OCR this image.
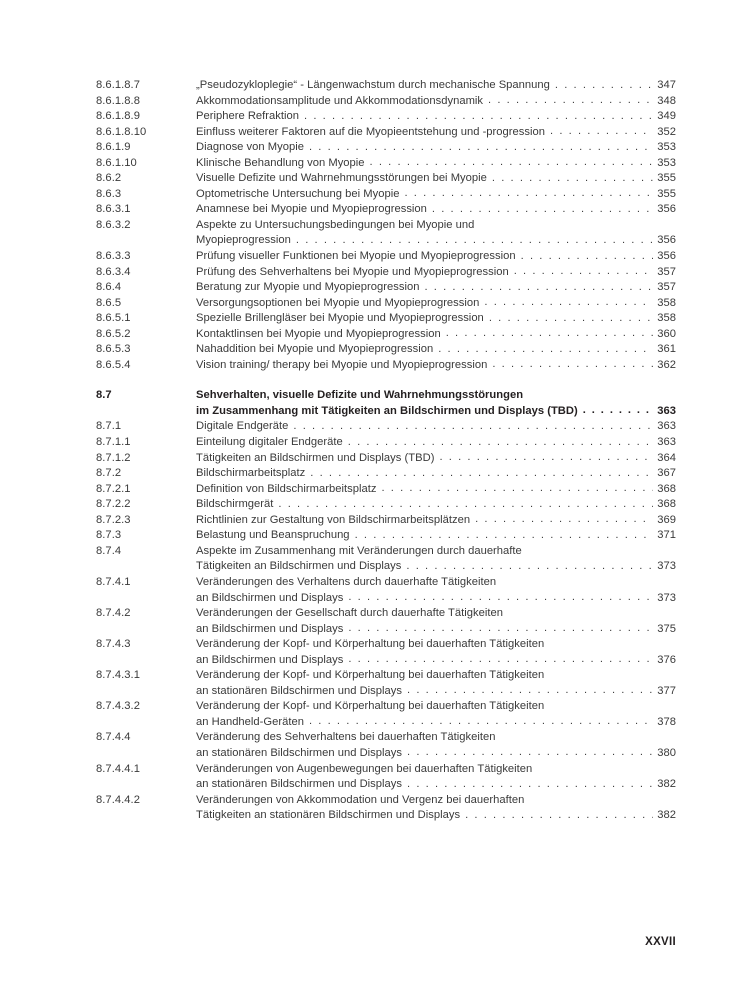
8.6.1.8.7	„Pseudozykloplegie“ - Längenwachstum durch mechanische Spannung . . .	347
8.6.1.8.8	Akkommodationsamplitude und Akkommodationsdynamik . . .	348
8.6.1.8.9	Periphere Refraktion . . .	349
8.6.1.8.10	Einfluss weiterer Faktoren auf die Myopieentstehung und -progression . . .	352
8.6.1.9	Diagnose von Myopie . . .	353
8.6.1.10	Klinische Behandlung von Myopie . . .	353
8.6.2	Visuelle Defizite und Wahrnehmungsstörungen bei Myopie . . .	355
8.6.3	Optometrische Untersuchung bei Myopie . . .	355
8.6.3.1	Anamnese bei Myopie und Myopieprogression . . .	356
8.6.3.2	Aspekte zu Untersuchungsbedingungen bei Myopie und
Myopieprogression . . .	356
8.6.3.3	Prüfung visueller Funktionen bei Myopie und Myopieprogression . . .	356
8.6.3.4	Prüfung des Sehverhaltens bei Myopie und Myopieprogression . . .	357
8.6.4	Beratung zur Myopie und Myopieprogression . . .	357
8.6.5	Versorgungsoptionen bei Myopie und Myopieprogression . . .	358
8.6.5.1	Spezielle Brillengläser bei Myopie und Myopieprogression . . .	358
8.6.5.2	Kontaktlinsen bei Myopie und Myopieprogression . . .	360
8.6.5.3	Nahaddition bei Myopie und Myopieprogression . . .	361
8.6.5.4	Vision training/ therapy bei Myopie und Myopieprogression . . .	362
8.7	Sehverhalten, visuelle Defizite und Wahrnehmungsstörungen
im Zusammenhang mit Tätigkeiten an Bildschirmen und Displays (TBD) . . .	363
8.7.1	Digitale Endgeräte . . .	363
8.7.1.1	Einteilung digitaler Endgeräte . . .	363
8.7.1.2	Tätigkeiten an Bildschirmen und Displays (TBD) . . .	364
8.7.2	Bildschirmarbeitsplatz . . .	367
8.7.2.1	Definition von Bildschirmarbeitsplatz . . .	368
8.7.2.2	Bildschirmgerät . . .	368
8.7.2.3	Richtlinien zur Gestaltung von Bildschirmarbeitsplätzen . . .	369
8.7.3	Belastung und Beanspruchung . . .	371
8.7.4	Aspekte im Zusammenhang mit Veränderungen durch dauerhafte
Tätigkeiten an Bildschirmen und Displays . . .	373
8.7.4.1	Veränderungen des Verhaltens durch dauerhafte Tätigkeiten
an Bildschirmen und Displays . . .	373
8.7.4.2	Veränderungen der Gesellschaft durch dauerhafte Tätigkeiten
an Bildschirmen und Displays . . .	375
8.7.4.3	Veränderung der Kopf- und Körperhaltung bei dauerhaften Tätigkeiten
an Bildschirmen und Displays . . .	376
8.7.4.3.1	Veränderung der Kopf- und Körperhaltung bei dauerhaften Tätigkeiten
an stationären Bildschirmen und Displays . . .	377
8.7.4.3.2	Veränderung der Kopf- und Körperhaltung bei dauerhaften Tätigkeiten
an Handheld-Geräten . . .	378
8.7.4.4	Veränderung des Sehverhaltens bei dauerhaften Tätigkeiten
an stationären Bildschirmen und Displays . . .	380
8.7.4.4.1	Veränderungen von Augenbewegungen bei dauerhaften Tätigkeiten
an stationären Bildschirmen und Displays . . .	382
8.7.4.4.2	Veränderungen von Akkommodation und Vergenz bei dauerhaften
Tätigkeiten an stationären Bildschirmen und Displays . . .	382
XXVII
